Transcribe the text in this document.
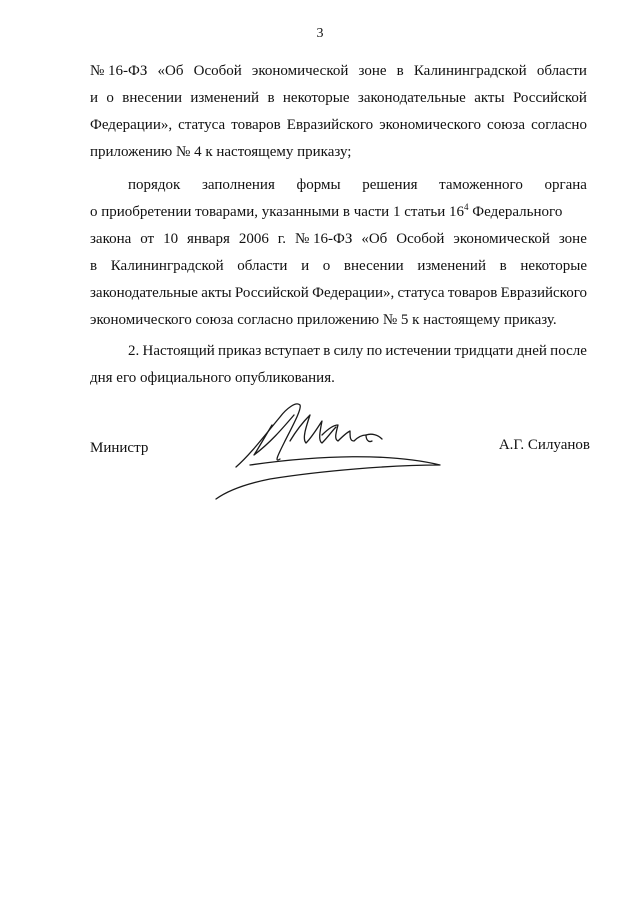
3
№ 16-ФЗ «Об Особой экономической зоне в Калининградской области
и о внесении изменений в некоторые законодательные акты Российской
Федерации», статуса товаров Евразийского экономического союза согласно
приложению № 4 к настоящему приказу;
порядок заполнения формы решения таможенного органа
о приобретении товарами, указанными в части 1 статьи $16^4$ Федерального
закона от 10 января 2006 г. № 16-ФЗ «Об Особой экономической зоне
в Калининградской области и о внесении изменений в некоторые
законодательные акты Российской Федерации», статуса товаров Евразийского
экономического союза согласно приложению № 5 к настоящему приказу.
2. Настоящий приказ вступает в силу по истечении тридцати дней после
дня его официального опубликования.
Министр	А.Г. Силуанов
